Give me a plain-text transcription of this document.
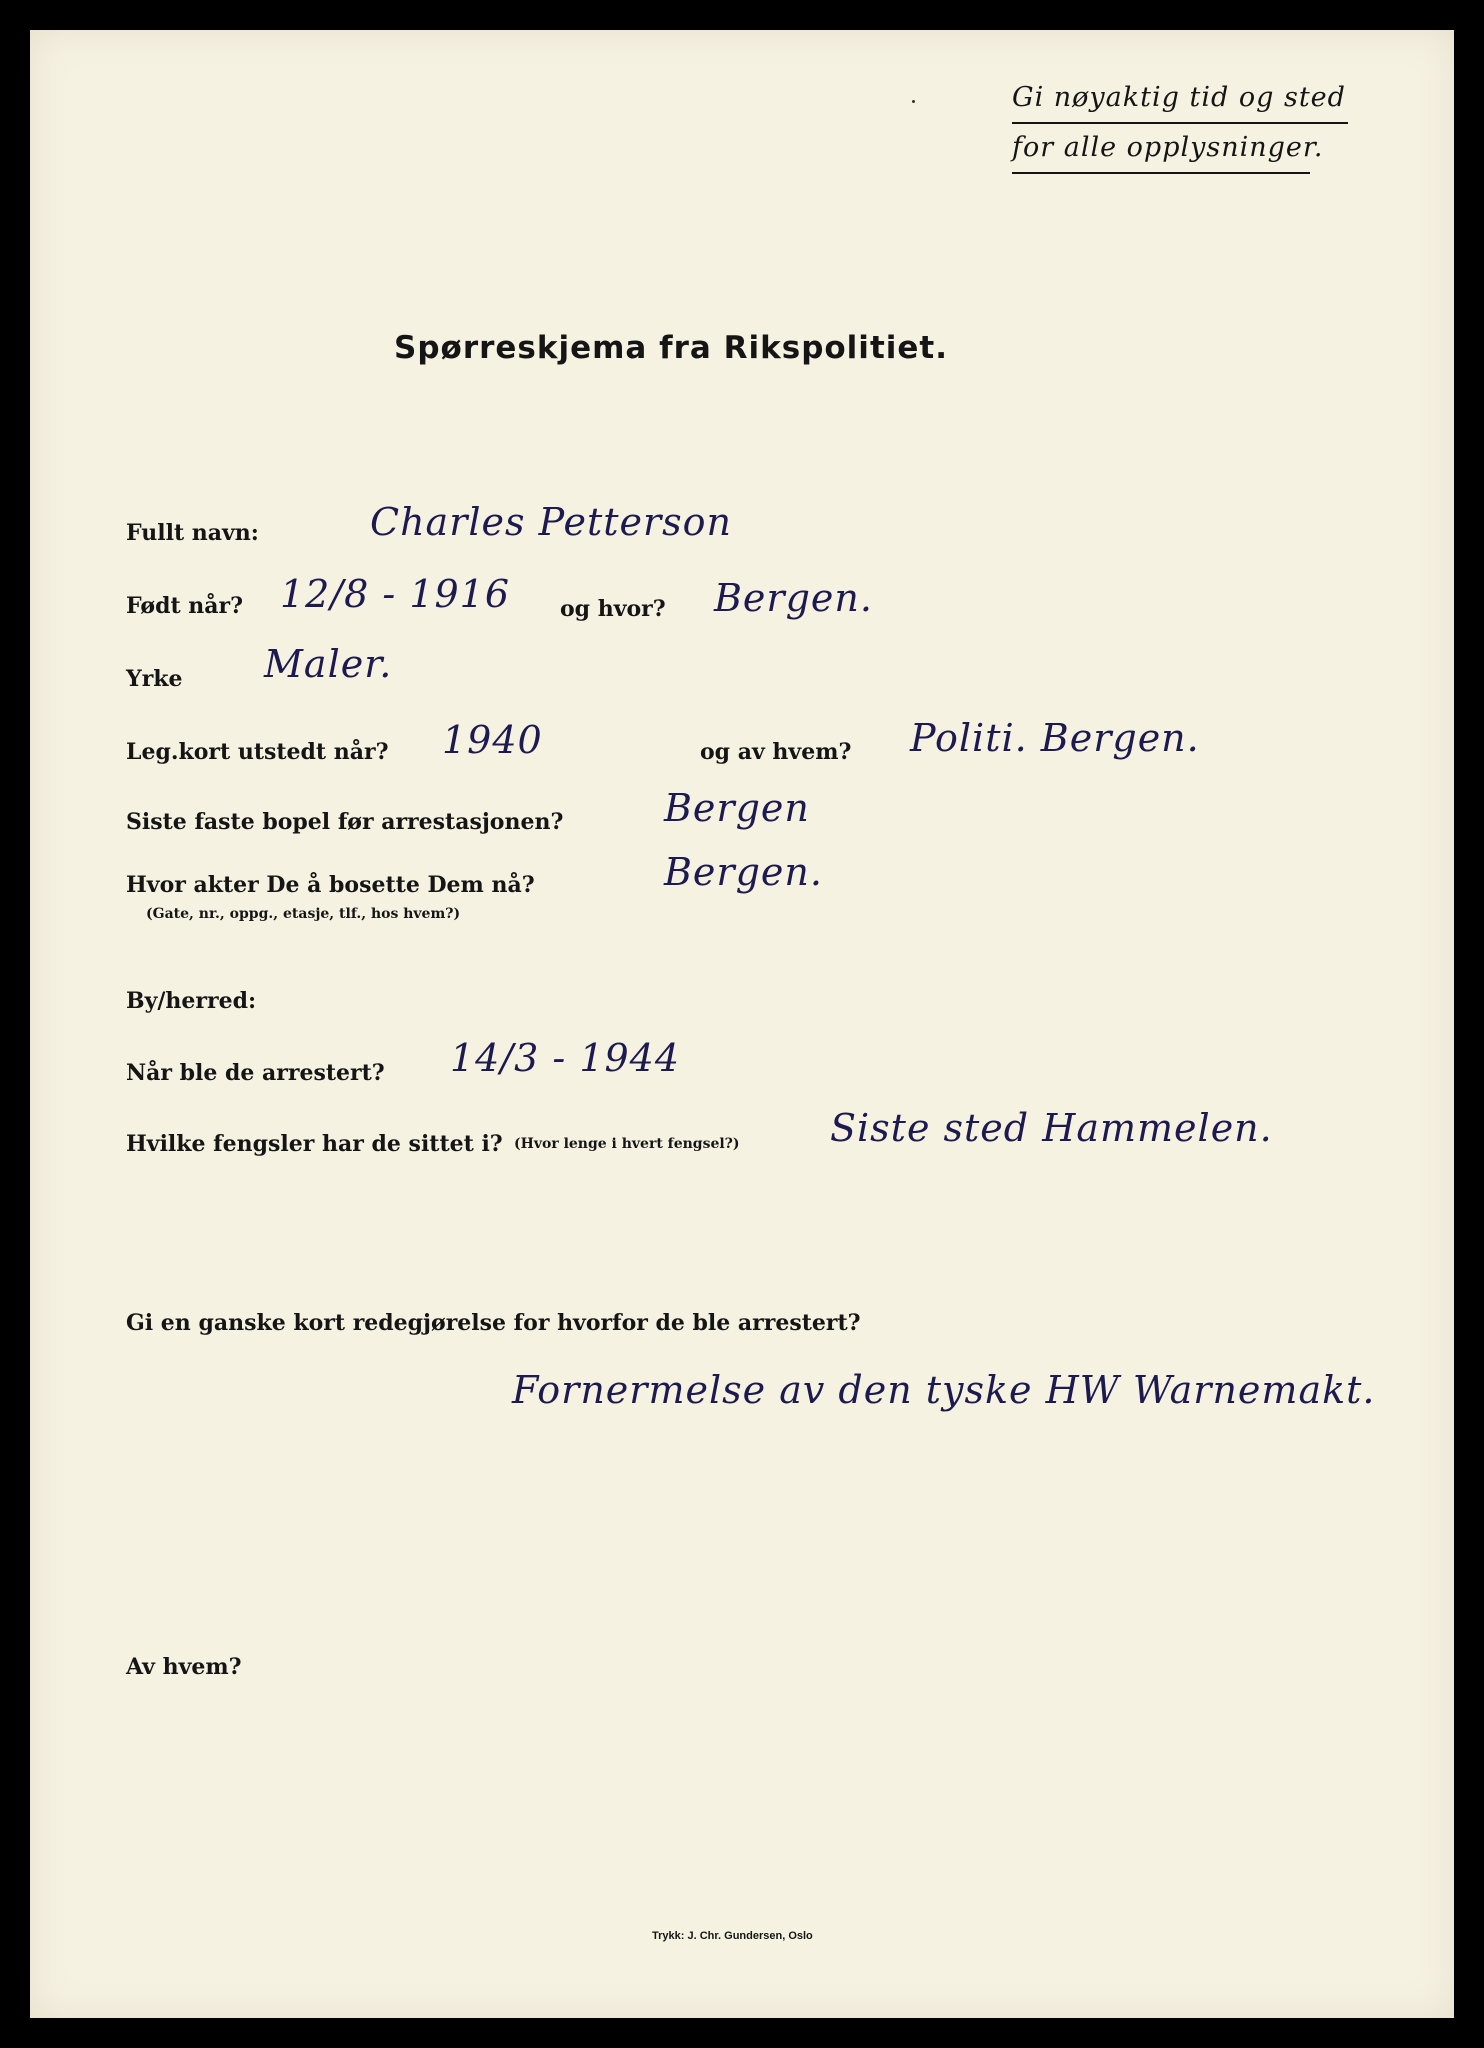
Gi nøyaktig tid og sted
for alle opplysninger.
Spørreskjema fra Rikspolitiet.
Fullt navn:	Charles Petterson
Født når? 12/8 - 1916 og hvor? Bergen.
Yrke Maler.
Leg.kort utstedt når? 1940	og av hvem? Politi. Bergen.
Siste faste bopel før arrestasjonen?	Bergen
Hvor akter De å bosette Dem nå?
(Gate, nr., oppg., etasje, tlf., hos hvem?)
Bergen.
By/herred:
Når ble de arrestert? 14/3 - 1944
Hvilke fengsler har de sittet i? (Hvor lenge i hvert fengsel?) Siste sted Hammelen.
Gi en ganske kort redegjørelse for hvorfor de ble arrestert?
Fornermelse av den tyske HW Warnemakt.
Av hvem?
Trykk: J. Chr. Gundersen, Oslo
